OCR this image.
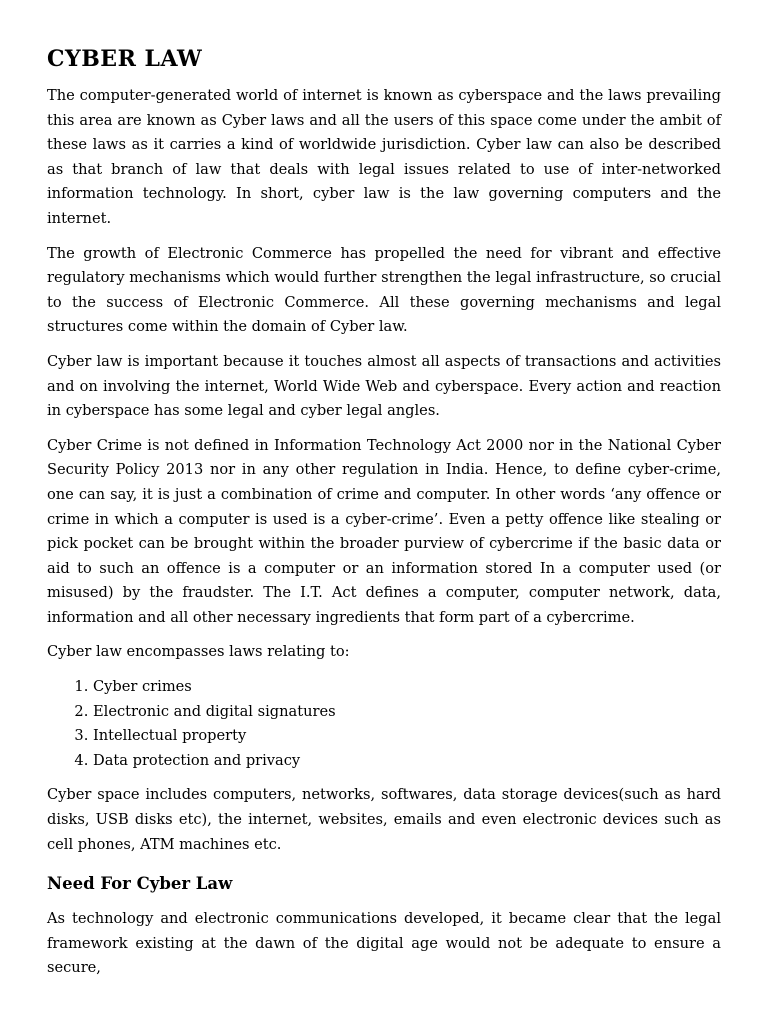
CYBER LAW

The computer-generated world of internet is known as cyberspace and the laws prevailing this area are known as Cyber laws and all the users of this space come under the ambit of these laws as it carries a kind of worldwide jurisdiction. Cyber law can also be described as that branch of law that deals with legal issues related to use of inter-networked information technology. In short, cyber law is the law governing computers and the internet.

The growth of Electronic Commerce has propelled the need for vibrant and effective regulatory mechanisms which would further strengthen the legal infrastructure, so crucial to the success of Electronic Commerce. All these governing mechanisms and legal structures come within the domain of Cyber law.

Cyber law is important because it touches almost all aspects of transactions and activities and on involving the internet, World Wide Web and cyberspace. Every action and reaction in cyberspace has some legal and cyber legal angles.

Cyber Crime is not defined in Information Technology Act 2000 nor in the National Cyber Security Policy 2013 nor in any other regulation in India. Hence, to define cyber-crime, one can say, it is just a combination of crime and computer. In other words ‘any offence or crime in which a computer is used is a cyber-crime’. Even a petty offence like stealing or pick pocket can be brought within the broader purview of cybercrime if the basic data or aid to such an offence is a computer or an information stored In a computer used (or misused) by the fraudster. The I.T. Act defines a computer, computer network, data, information and all other necessary ingredients that form part of a cybercrime.

Cyber law encompasses laws relating to:

1. Cyber crimes
2. Electronic and digital signatures
3. Intellectual property
4. Data protection and privacy

Cyber space includes computers, networks, softwares, data storage devices(such as hard disks, USB disks etc), the internet, websites, emails and even electronic devices such as cell phones, ATM machines etc.

Need For Cyber Law

As technology and electronic communications developed, it became clear that the legal framework existing at the dawn of the digital age would not be adequate to ensure a secure,
